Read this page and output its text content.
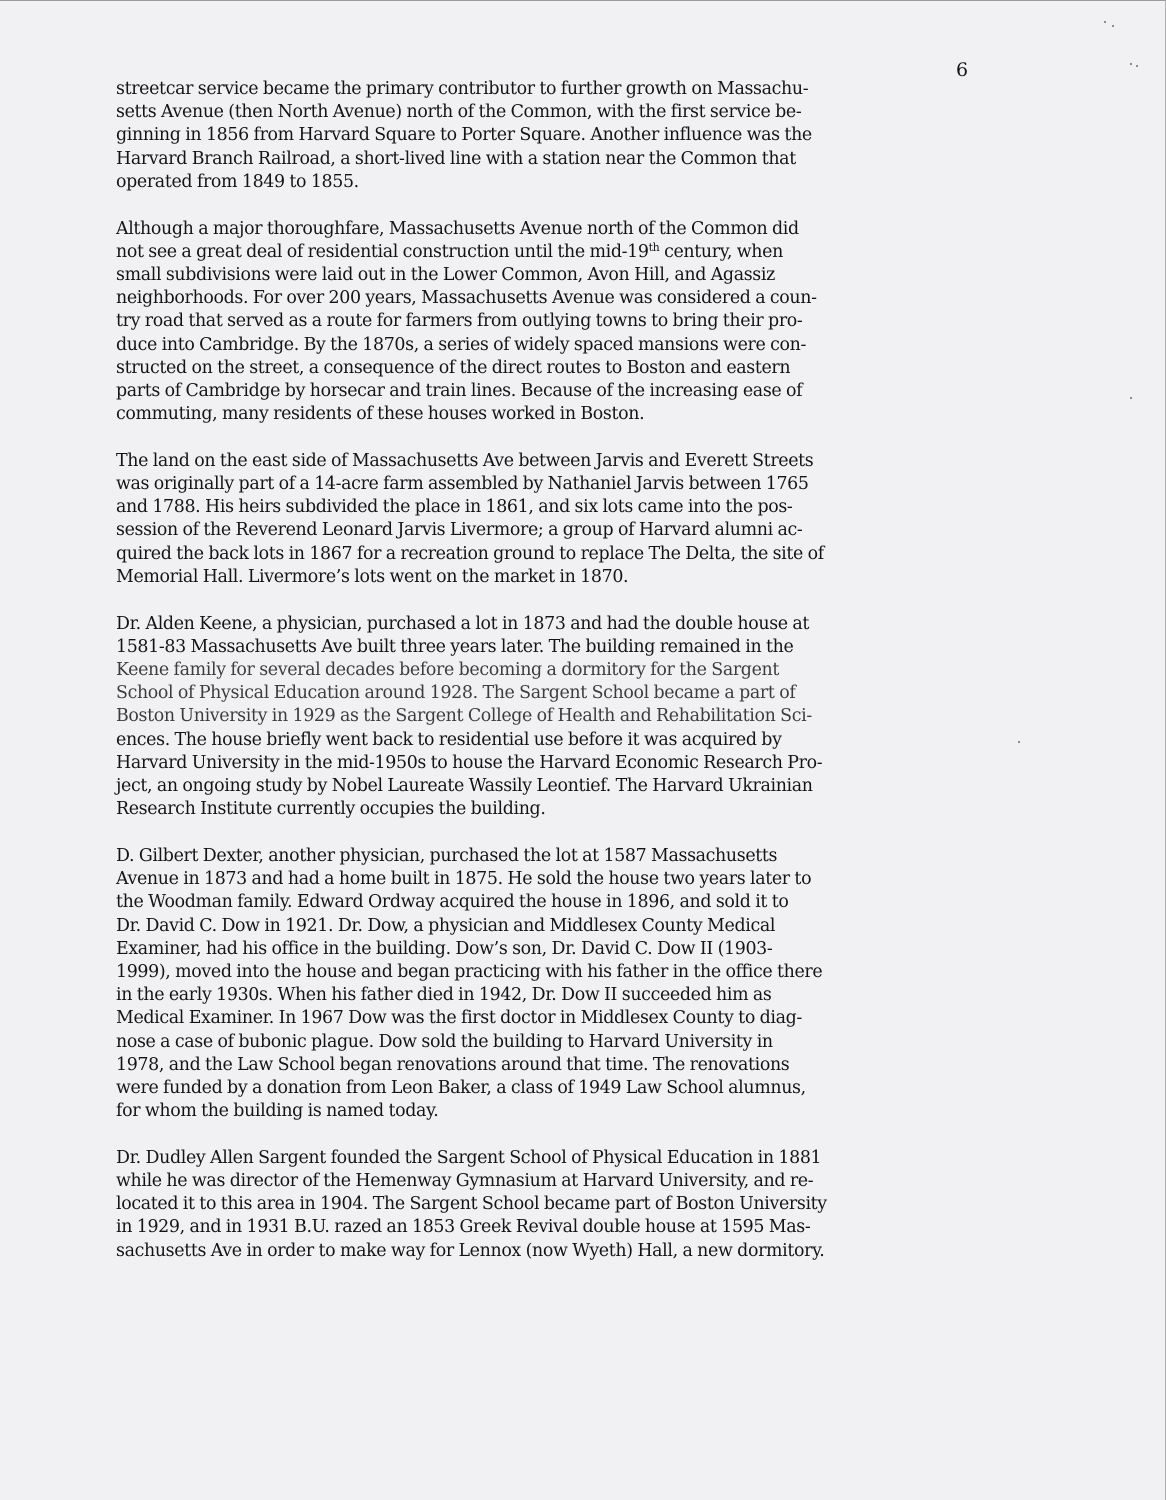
6

streetcar service became the primary contributor to further growth on Massachu-
setts Avenue (then North Avenue) north of the Common, with the first service be-
ginning in 1856 from Harvard Square to Porter Square. Another influence was the
Harvard Branch Railroad, a short-lived line with a station near the Common that
operated from 1849 to 1855.

Although a major thoroughfare, Massachusetts Avenue north of the Common did
not see a great deal of residential construction until the mid-19th century, when
small subdivisions were laid out in the Lower Common, Avon Hill, and Agassiz
neighborhoods. For over 200 years, Massachusetts Avenue was considered a coun-
try road that served as a route for farmers from outlying towns to bring their pro-
duce into Cambridge. By the 1870s, a series of widely spaced mansions were con-
structed on the street, a consequence of the direct routes to Boston and eastern
parts of Cambridge by horsecar and train lines. Because of the increasing ease of
commuting, many residents of these houses worked in Boston.

The land on the east side of Massachusetts Ave between Jarvis and Everett Streets
was originally part of a 14-acre farm assembled by Nathaniel Jarvis between 1765
and 1788. His heirs subdivided the place in 1861, and six lots came into the pos-
session of the Reverend Leonard Jarvis Livermore; a group of Harvard alumni ac-
quired the back lots in 1867 for a recreation ground to replace The Delta, the site of
Memorial Hall. Livermore’s lots went on the market in 1870.

Dr. Alden Keene, a physician, purchased a lot in 1873 and had the double house at
1581-83 Massachusetts Ave built three years later. The building remained in the
Keene family for several decades before becoming a dormitory for the Sargent
School of Physical Education around 1928. The Sargent School became a part of
Boston University in 1929 as the Sargent College of Health and Rehabilitation Sci-
ences. The house briefly went back to residential use before it was acquired by
Harvard University in the mid-1950s to house the Harvard Economic Research Pro-
ject, an ongoing study by Nobel Laureate Wassily Leontief. The Harvard Ukrainian
Research Institute currently occupies the building.

D. Gilbert Dexter, another physician, purchased the lot at 1587 Massachusetts
Avenue in 1873 and had a home built in 1875. He sold the house two years later to
the Woodman family. Edward Ordway acquired the house in 1896, and sold it to
Dr. David C. Dow in 1921. Dr. Dow, a physician and Middlesex County Medical
Examiner, had his office in the building. Dow’s son, Dr. David C. Dow II (1903-
1999), moved into the house and began practicing with his father in the office there
in the early 1930s. When his father died in 1942, Dr. Dow II succeeded him as
Medical Examiner. In 1967 Dow was the first doctor in Middlesex County to diag-
nose a case of bubonic plague. Dow sold the building to Harvard University in
1978, and the Law School began renovations around that time. The renovations
were funded by a donation from Leon Baker, a class of 1949 Law School alumnus,
for whom the building is named today.

Dr. Dudley Allen Sargent founded the Sargent School of Physical Education in 1881
while he was director of the Hemenway Gymnasium at Harvard University, and re-
located it to this area in 1904. The Sargent School became part of Boston University
in 1929, and in 1931 B.U. razed an 1853 Greek Revival double house at 1595 Mas-
sachusetts Ave in order to make way for Lennox (now Wyeth) Hall, a new dormitory.
